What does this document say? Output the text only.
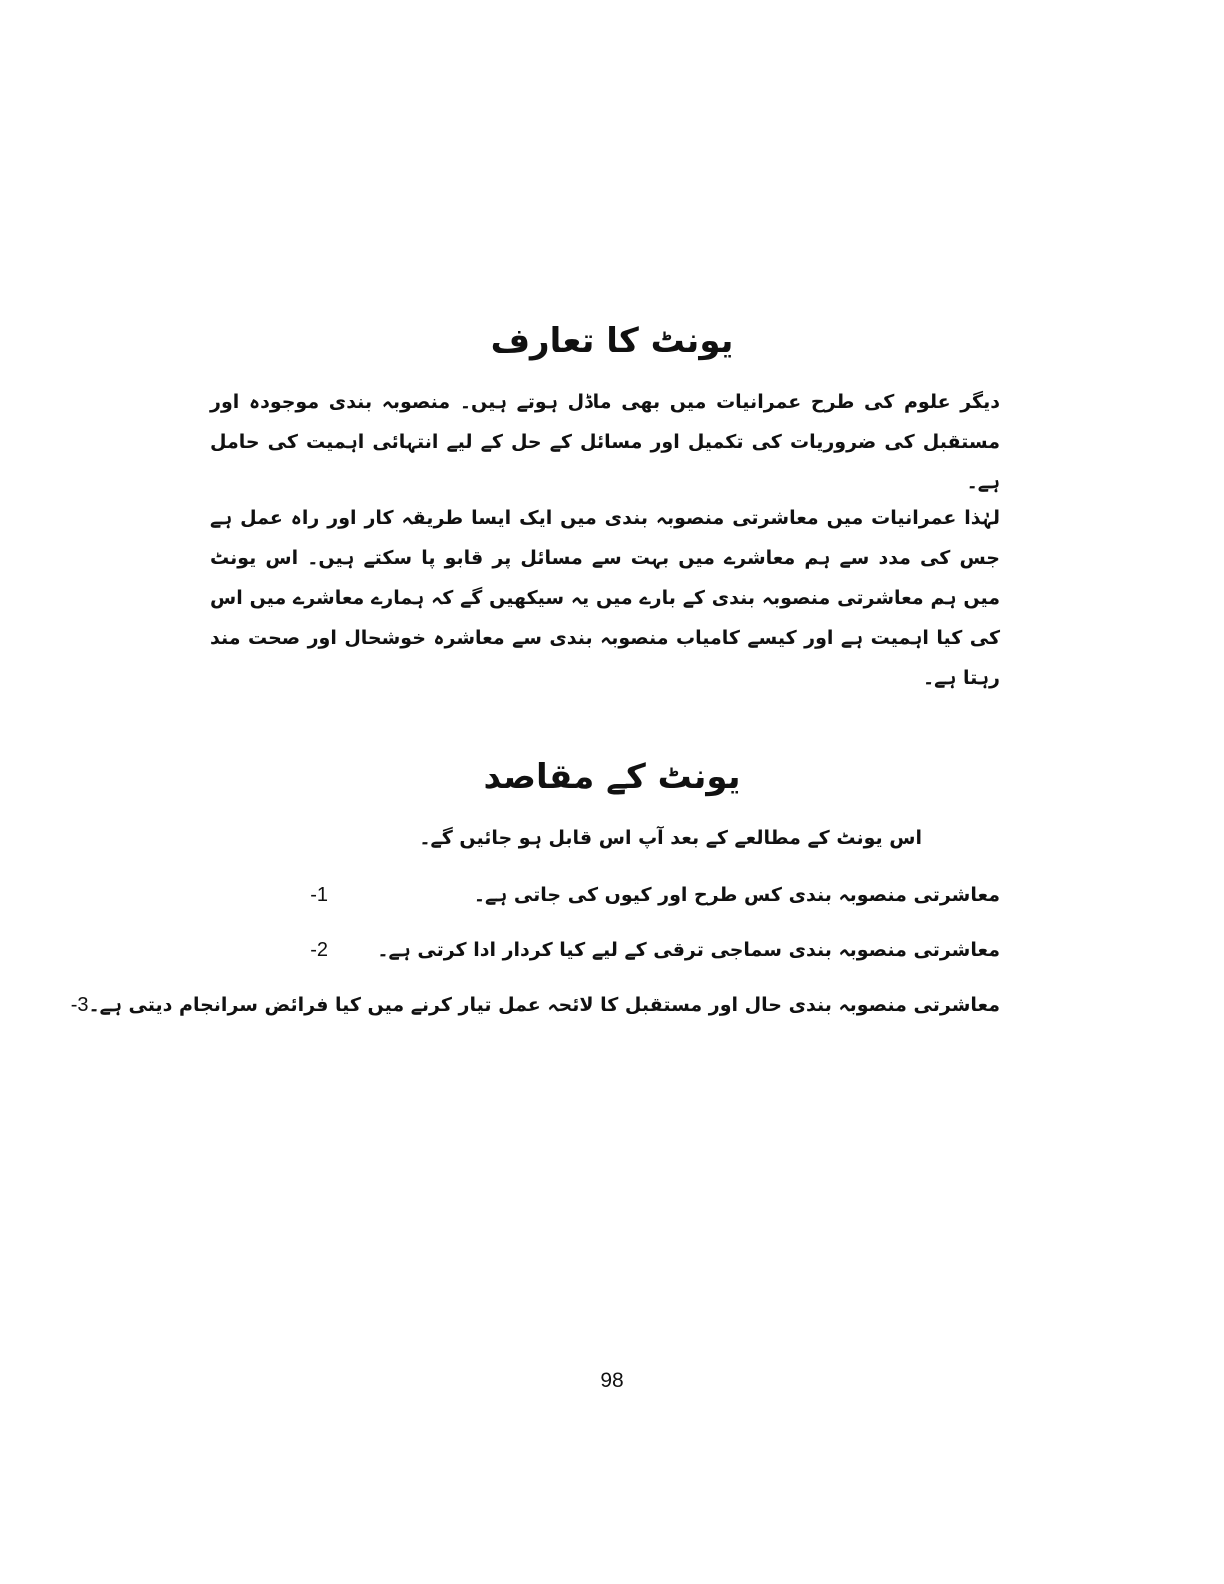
یونٹ کا تعارف

دیگر علوم کی طرح عمرانیات میں بھی ماڈل ہوتے ہیں۔ منصوبہ بندی موجودہ اور مستقبل کی ضروریات کی تکمیل اور مسائل کے حل کے لیے انتہائی اہمیت کی حامل ہے۔

لہٰذا عمرانیات میں معاشرتی منصوبہ بندی میں ایک ایسا طریقہ کار اور راہ عمل ہے جس کی مدد سے ہم معاشرے میں بہت سے مسائل پر قابو پا سکتے ہیں۔ اس یونٹ میں ہم معاشرتی منصوبہ بندی کے بارے میں یہ سیکھیں گے کہ ہمارے معاشرے میں اس کی کیا اہمیت ہے اور کیسے کامیاب منصوبہ بندی سے معاشرہ خوشحال اور صحت مند رہتا ہے۔

یونٹ کے مقاصد

اس یونٹ کے مطالعے کے بعد آپ اس قابل ہو جائیں گے۔

معاشرتی منصوبہ بندی کس طرح اور کیوں کی جاتی ہے۔
-1
معاشرتی منصوبہ بندی سماجی ترقی کے لیے کیا کردار ادا کرتی ہے۔
-2
معاشرتی منصوبہ بندی حال اور مستقبل کا لائحہ عمل تیار کرنے میں کیا فرائض سرانجام دیتی ہے۔
-3
98
